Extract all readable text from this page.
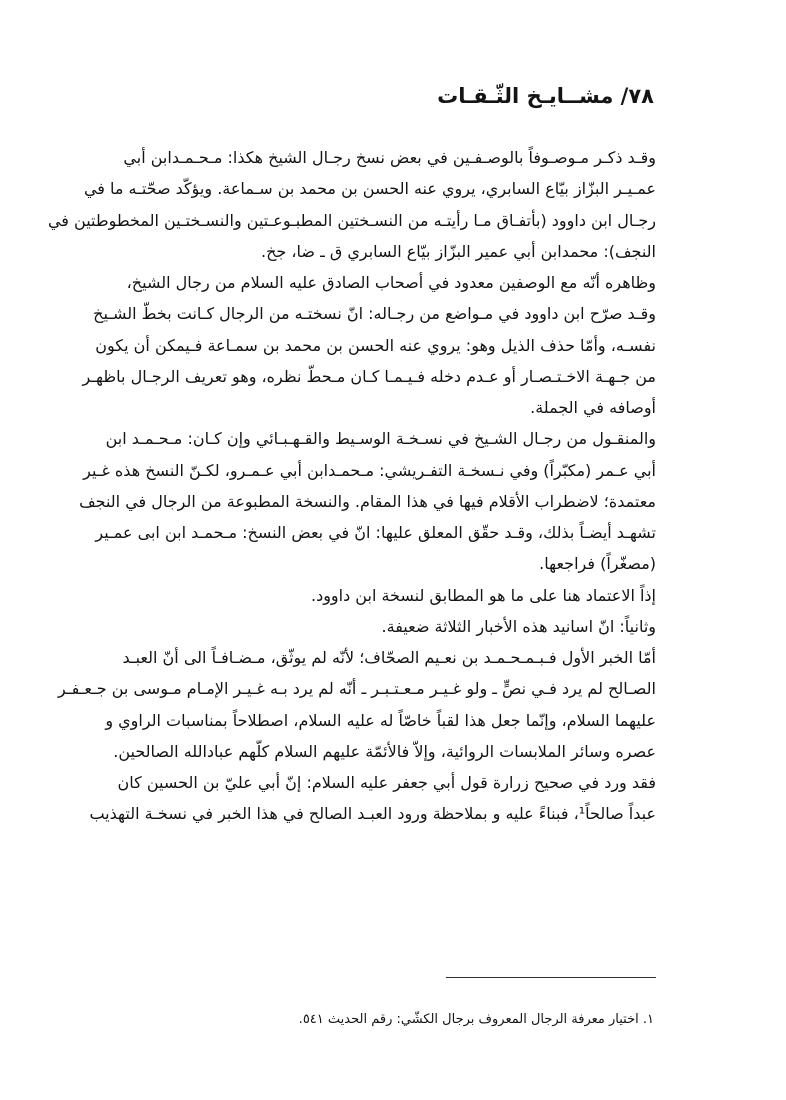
٧٨/ مشــايـخ الثّـقـات
وقـد ذكـر مـوصـوفاً بالوصـفـين في بعض نسخ رجـال الشيخ هكذا: مـحـمـدابن أبي
عمـيـر البزّاز بيّاع السابري، يروي عنه الحسن بن محمد بن سـماعة. ويؤكّد صحّتـه ما في
رجـال ابن داوود (بأتفـاق مـا رأيتـه من النسـختين المطبـوعـتين والنسـختـين المخطوطتين في
النجف): محمدابن أبي عمير البزّاز بيّاع السابري ق ـ ضا، جخ.
وظاهره أنّه مع الوصفين معدود في أصحاب الصادق عليه السلام من رجال الشيخ،
وقـد صرّح ابن داوود في مـواضع من رجـاله: انّ نسختـه من الرجال كـانت بخطّ الشـيخ
نفسـه، وأمّا حذف الذيل وهو: يروي عنه الحسن بن محمد بن سمـاعة فـيمكن أن يكون
من جـهـة الاخـتـصـار أو عـدم دخله فـيـمـا كـان مـحطّ نظره، وهو تعريف الرجـال باظهـر
أوصافه في الجملة.
والمنقـول من رجـال الشـيخ في نسـخـة الوسـيط والقـهـبـائي وإن كـان: مـحـمـد ابن
أبي عـمر (مكبّراً) وفي نـسخـة التفـريشي: مـحمـدابن أبي عـمـرو، لكـنّ النسخ هذه غـير
معتمدة؛ لاضطراب الأقلام فيها في هذا المقام. والنسخة المطبوعة من الرجال في النجف
تشهـد أيضـاً بذلك، وقـد حقّق المعلق عليها: انّ في بعض النسخ: مـحمـد ابن ابى عمـير
(مصغّراً) فراجعها.
إذاً الاعتماد هنا على ما هو المطابق لنسخة ابن داوود.
وثانياً: انّ اسانيد هذه الأخبار الثلاثة ضعيفة.
أمّا الخبر الأول فـبـمـحـمـد بن نعـيم الصحّاف؛ لأنّه لم يوثّق، مـضـافـاً الى أنّ العبـد
الصـالح لم يرد فـي نصٍّ ـ ولو غـيـر مـعـتـبـر ـ أنّه لم يرد بـه غـيـر الإمـام مـوسى بن جـعـفـر
عليهما السلام، وإنّما جعل هذا لقباً خاصّاً له عليه السلام، اصطلاحاً بمناسبات الراوي و
عصره وسائر الملابسات الروائية، وإلاّ فالأئمّة عليهم السلام كلّهم عبادالله الصالحين.
فقد ورد في صحيح زرارة قول أبي جعفر عليه السلام: إنّ أبي عليّ بن الحسين كان
عبداً صالحاً¹، فبناءً عليه و بملاحظة ورود العبـد الصالح في هذا الخبر في نسخـة التهذيب
١. اختيار معرفة الرجال المعروف برجال الكشّي: رقم الحديث ٥٤١.
